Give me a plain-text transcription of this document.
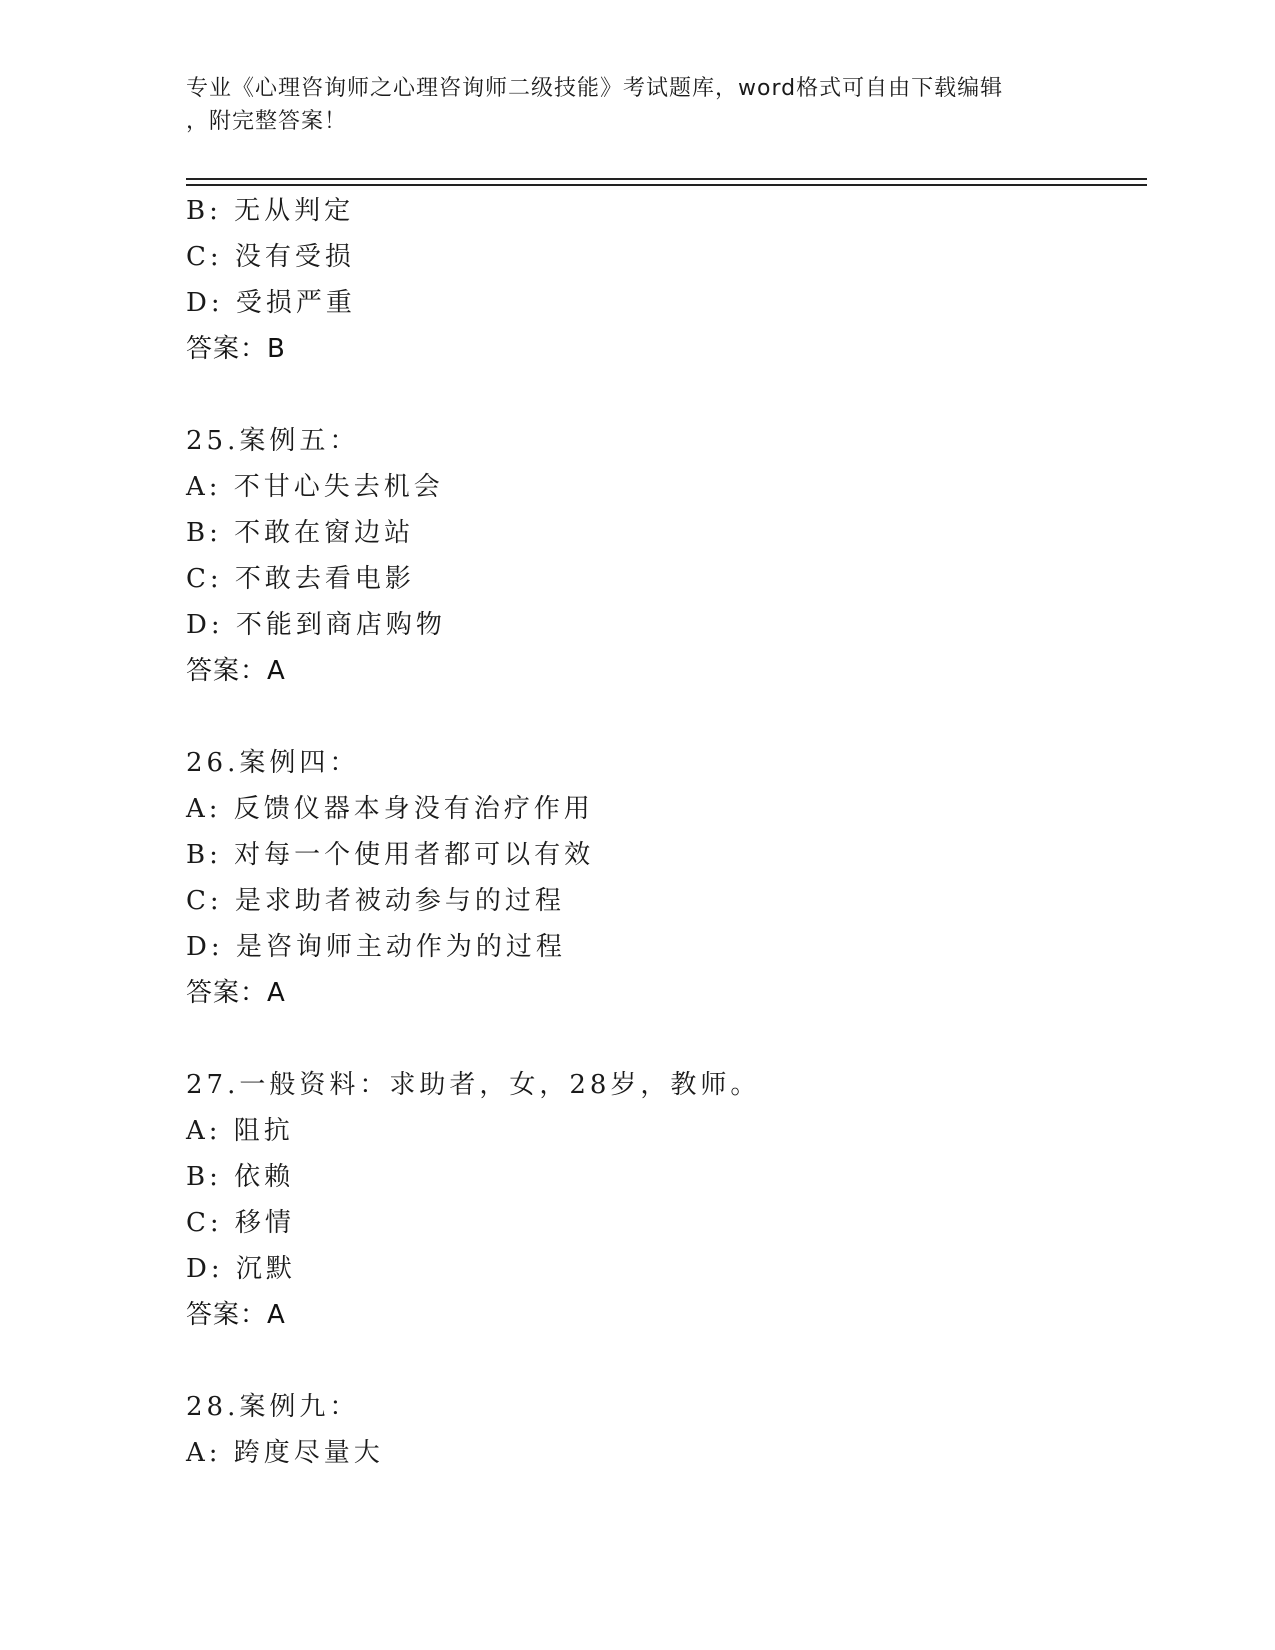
专业《心理咨询师之心理咨询师二级技能》考试题库，word格式可自由下载编辑
，附完整答案！
B: 无从判定
C: 没有受损
D: 受损严重
答案：B
25.案例五：
A: 不甘心失去机会
B: 不敢在窗边站
C: 不敢去看电影
D: 不能到商店购物
答案：A
26.案例四：
A: 反馈仪器本身没有治疗作用
B: 对每一个使用者都可以有效
C: 是求助者被动参与的过程
D: 是咨询师主动作为的过程
答案：A
27.一般资料：求助者，女，28岁，教师。
A: 阻抗
B: 依赖
C: 移情
D: 沉默
答案：A
28.案例九：
A: 跨度尽量大
